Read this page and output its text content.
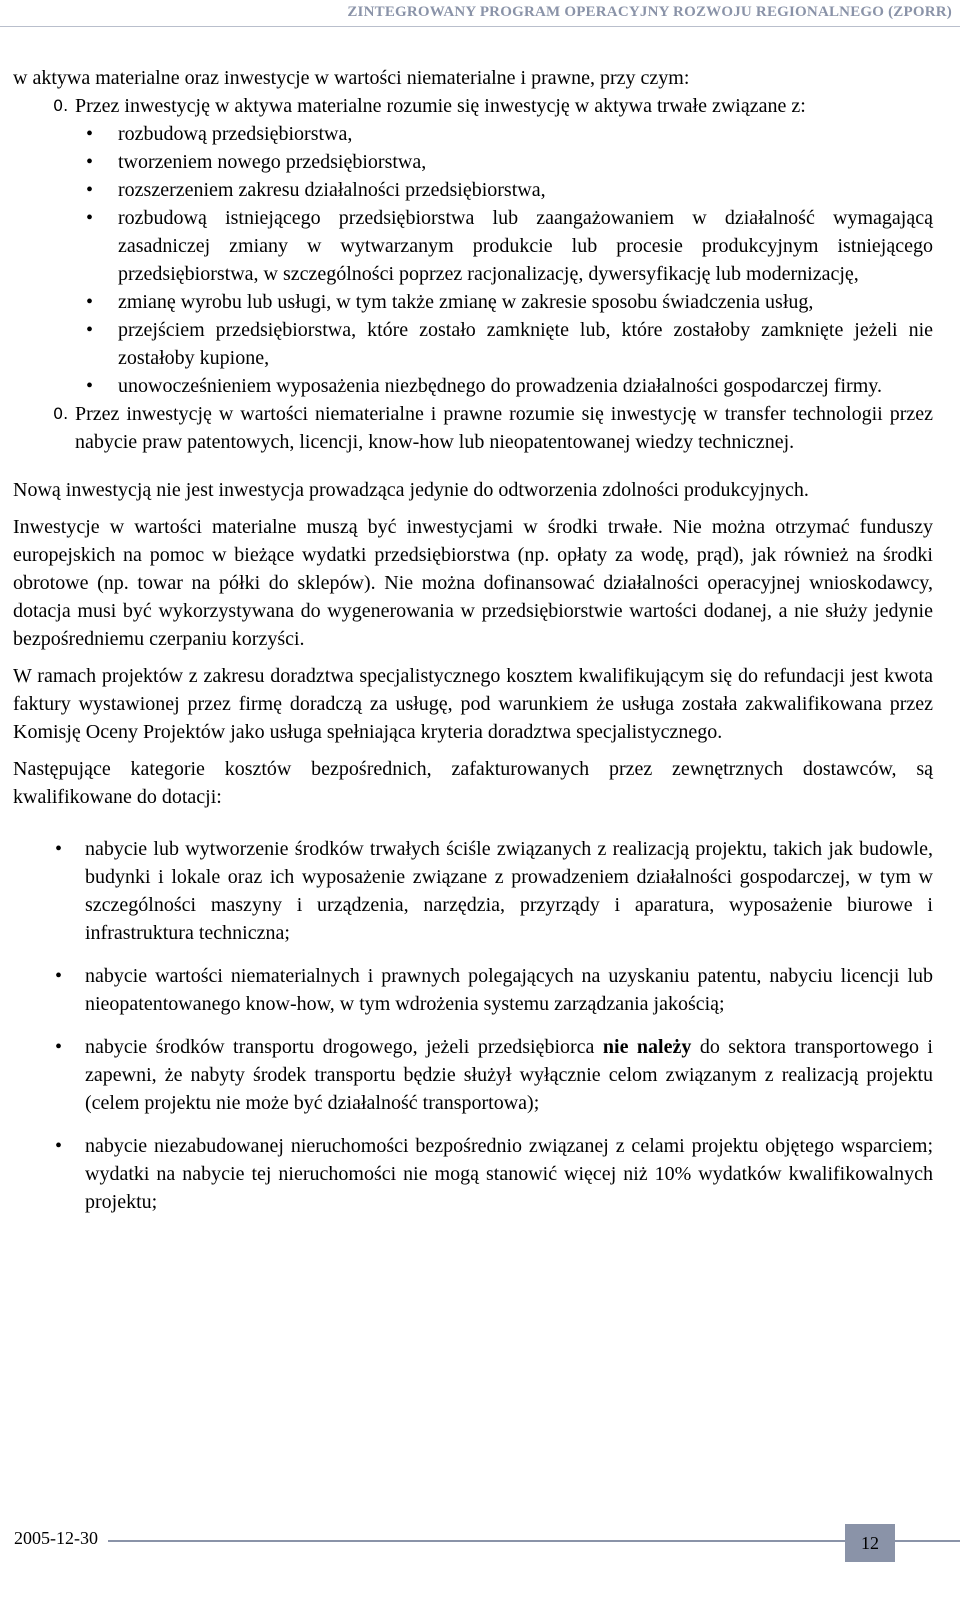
ZINTEGROWANY PROGRAM OPERACYJNY ROZWOJU REGIONALNEGO (ZPORR)

w aktywa materialne oraz inwestycje w wartości niematerialne i prawne, przy czym:

0. Przez inwestycję w aktywa materialne rozumie się inwestycję w aktywa trwałe związane z:

• rozbudową przedsiębiorstwa,
• tworzeniem nowego przedsiębiorstwa,
• rozszerzeniem zakresu działalności przedsiębiorstwa,
• rozbudową istniejącego przedsiębiorstwa lub zaangażowaniem w działalność wymagającą zasadniczej zmiany w wytwarzanym produkcie lub procesie produkcyjnym istniejącego przedsiębiorstwa, w szczególności poprzez racjonalizację, dywersyfikację lub modernizację,
• zmianę wyrobu lub usługi, w tym także zmianę w zakresie sposobu świadczenia usług,
• przejściem przedsiębiorstwa, które zostało zamknięte lub, które zostałoby zamknięte jeżeli nie zostałoby kupione,
• unowocześnieniem wyposażenia niezbędnego do prowadzenia działalności gospodarczej firmy.
0. Przez inwestycję w wartości niematerialne i prawne rozumie się inwestycję w transfer technologii przez nabycie praw patentowych, licencji, know-how lub nieopatentowanej wiedzy technicznej.

Nową inwestycją nie jest inwestycja prowadząca jedynie do odtworzenia zdolności produkcyjnych.

Inwestycje w wartości materialne muszą być inwestycjami w środki trwałe. Nie można otrzymać funduszy europejskich na pomoc w bieżące wydatki przedsiębiorstwa (np. opłaty za wodę, prąd), jak również na środki obrotowe (np. towar na półki do sklepów). Nie można dofinansować działalności operacyjnej wnioskodawcy, dotacja musi być wykorzystywana do wygenerowania w przedsiębiorstwie wartości dodanej, a nie służy jedynie bezpośredniemu czerpaniu korzyści.

W ramach projektów z zakresu doradztwa specjalistycznego kosztem kwalifikującym się do refundacji jest kwota faktury wystawionej przez firmę doradczą za usługę, pod warunkiem że usługa została zakwalifikowana przez Komisję Oceny Projektów jako usługa spełniająca kryteria doradztwa specjalistycznego.

Następujące kategorie kosztów bezpośrednich, zafakturowanych przez zewnętrznych dostawców, są kwalifikowane do dotacji:

• nabycie lub wytworzenie środków trwałych ściśle związanych z realizacją projektu, takich jak budowle, budynki i lokale oraz ich wyposażenie związane z prowadzeniem działalności gospodarczej, w tym w szczególności maszyny i urządzenia, narzędzia, przyrządy i aparatura, wyposażenie biurowe i infrastruktura techniczna;
• nabycie wartości niematerialnych i prawnych polegających na uzyskaniu patentu, nabyciu licencji lub nieopatentowanego know-how, w tym wdrożenia systemu zarządzania jakością;
• nabycie środków transportu drogowego, jeżeli przedsiębiorca nie należy do sektora transportowego i zapewni, że nabyty środek transportu będzie służył wyłącznie celom związanym z realizacją projektu (celem projektu nie może być działalność transportowa);
• nabycie niezabudowanej nieruchomości bezpośrednio związanej z celami projektu objętego wsparciem; wydatki na nabycie tej nieruchomości nie mogą stanowić więcej niż 10% wydatków kwalifikowalnych projektu;
2005-12-30	12
